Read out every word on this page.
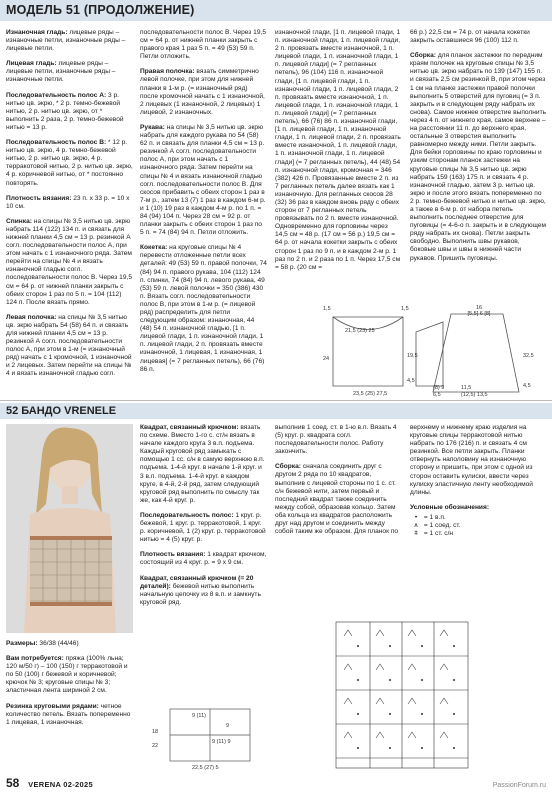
МОДЕЛЬ 51 (ПРОДОЛЖЕНИЕ)

Изнаночная гладь: лицевые ряды – изнаночные петли, изнаночные ряды – лицевые петли.

Лицевая гладь: лицевые ряды – лицевые петли, изнаночные ряды – изнаночные петли.

Последовательность полос А: 3 р. нитью цв. экрю, * 2 р. темно-бежевой нитью, 2 р. нитью цв. экрю, от * выполнить 2 раза, 2 р. темно-бежевой нитью = 13 р.

Последовательность полос В: * 12 р. нитью цв. экрю, 4 р. темно-бежевой нитью, 2 р. нитью цв. экрю, 4 р. терракотовой нитью, 2 р. нитью цв. экрю, 4 р. коричневой нитью, от * постоянно повторять.

Плотность вязания: 23 п. х 33 р. = 10 х 10 см.

Спинка: на спицы № 3,5 нитью цв. экрю набрать 114 (122) 134 п. и связать для нижней планки 4,5 см = 13 р. резинкой А согл. последовательности полос А, при этом начать с 1 изнаночного ряда. Затем перейти на спицы № 4 и вязать изнаночной гладью согл. последовательности полос В. Через 19,5 см = 64 р. от нижней планки закрыть с обеих сторон 1 раз по 5 п. = 104 (112) 124 п. После вязать прямо.

Левая полочка: на спицы № 3,5 нитью цв. экрю набрать 54 (58) 64 п. и связать для нижней планки 4,5 см = 13 р. резинкой А согл. последовательности полос А, при этом в 1-м (= изнаночный ряд) начать с 1 кромочной, 1 изнаночной и 2 лицевых. Затем перейти на спицы № 4 и вязать изнаночной гладью согл.

последовательности полос В. Через 19,5 см = 64 р. от нижней планки закрыть с правого края 1 раз 5 п. = 49 (53) 59 п. Петли отложить.

Правая полочка: вязать симметрично левой полочке, при этом для нижней планки в 1-м р. (= изнаночный ряд) после кромочной начать с 1 изнаночной, 2 лицевых (1 изнаночной, 2 лицевых) 1 лицевой, 2 изнаночных.

Рукава: на спицы № 3,5 нитью цв. экрю набрать для каждого рукава по 54 (58) 62 п. и связать для планки 4,5 см = 13 р. резинкой А согл. последовательности полос А, при этом начать с 1 изнаночного ряда. Затем перейти на спицы № 4 и вязать изнаночной гладью согл. последовательности полос В. Для скосов прибавить с обеих сторон 1 раз в 7-м р., затем 13 (7) 1 раз в каждом 6-м р. и 1 (10) 19 раз в каждом 4-м р. по 1 п. = 84 (94) 104 п. Через 28 см = 92 р. от планки закрыть с обеих сторон 1 раз по 5 п. = 74 (84) 94 п. Петли отложить.

Кокетка: на круговые спицы № 4 перевести отложенные петли всех деталей: 49 (53) 59 п. правой полочки, 74 (84) 94 п. правого рукава, 104 (112) 124 п. спинки, 74 (84) 94 п. левого рукава, 49 (53) 59 п. левой полочки = 350 (386) 430 п. Вязать согл. последовательности полос В, при этом в 1-м р. (= лицевой ряд) распределить для петли следующим образом: изнаночная, 44 (48) 54 п. изнаночной гладью, [1 п. лицевой глади, 1 п. изнаночной глади, 1 п. лицевой глади, 2 п. провязать вместе изнаночной, 1 лицевая, 1 изнаночная, 1 лицевая] (= 7 регланных петель), 66 (76) 86 п.

изнаночной глади, [1 п. лицевой глади, 1 п. изнаночной глади, 1 п. лицевой глади, 2 п. провязать вместе изнаночной, 1 п. лицевой глади, 1 п. изнаночной глади, 1 п. лицевой глади] (= 7 регланных петель), 96 (104) 116 п. изнаночной глади, [1 п. лицевой глади, 1 п. изнаночной глади, 1 п. лицевой глади, 2 п. провязать вместе изнаночной, 1 п. лицевой глади, 1 п. изнаночной глади, 1 п. лицевой глади] (= 7 регланных петель), 66 (76) 86 п. изнаночной глади, [1 п. лицевой глади, 1 п. изнаночной глади, 1 п. лицевой глади, 2 п. провязать вместе изнаночной, 1 п. лицевой глади, 1 п. изнаночной глади, 1 п. лицевой глади] (= 7 регланных петель), 44 (48) 54 п. изнаночной глади, кромочная = 346 (382) 426 п. Провязанные вместе 2 п. из 7 регланных петель далее вязать как 1 изнаночную. Для регланных скосов 28 (32) 36 раз в каждом вновь ряду с обеих сторон от 7 регланных петель провязывать по 2 п. вместе изнаночной. Одновременно для горловины через 14,5 см = 48 р. (17 см = 56 р.) 19,5 см = 64 р. от начала кокетки закрыть с обеих сторон 1 раз по 9 п. и в каждом 2-м р. 1 раз по 2 п. и 2 раза по 1 п. Через 17,5 см = 58 р. (20 см =

66 р.) 22,5 см = 74 р. от начала кокетки закрыть оставшиеся 96 (100) 112 п.

Сборка: для планок застежки по передним краям полочек на круговые спицы № 3,5 нитью цв. экрю набрать по 139 (147) 155 п. и связать 2,5 см резинкой В, при этом через 1 см на планке застежки правой полочки выполнить 5 отверстий для пуговиц (= 3 п. закрыть и в следующем ряду набрать их снова). Самое нижнее отверстие выполнить через 4 п. от нижнего края, самое верхнее – на расстоянии 11 п. до верхнего края, остальные 3 отверстия выполнить равномерно между ними. Петли закрыть. Для бейки горловины по краю горловины и узким сторонам планок застежки на круговые спицы № 3,5 нитью цв. экрю набрать 159 (163) 175 п. и связать 4 р. изнаночной гладью, затем 3 р. нитью цв. экрю и после этого вязать попеременно по 2 р. темно-бежевой нитью и нитью цв. экрю, а также в 6-м р. от набора петель выполнить последнее отверстие для пуговицы (= 4-6-о п. закрыть и в следующем ряду набрать их снова). Петли закрыть свободно. Выполнить швы рукавов, боковые швы и швы в нижней части рукавов. Пришить пуговицы.

16
[5,5] 6 [8]
1,5
21,5 (23) 25
1,5
24	19,5
4,5
23,5 (25) 27,5	6,5
(8) 9	11,5
(12,5) 13,5
32,5
4,5
52 БАНДО VRENELE

Размеры: 36/38 (44/46)

Вам потребуется: пряжа (100% льна; 120 м/50 г) – 100 (150) г терракотовой и по 50 (100) г бежевой и коричневой; крючок № 3; круговые спицы № 3; эластичная лента шириной 2 см.

Резинка круговыми рядами: четное количество петель. Вязать попеременно 1 лицевая, 1 изнаночная.

Квадрат, связанный крючком: вязать по схеме. Вместо 1-го с. ст/н вязать в начале каждого круга 3 в.п. подъема. Каждый круговой ряд замыкать с помощью 1 сс. с/н в самую верхнюю в.п. подъема. 1-4-й круг. в начале 1-й круг. и 3 в.п. подъема. 1-4-й круг. в каждом круге, в 4-й, 2-й ряд, затем следующий круговой ряд выполнить по смыслу так же, как 4-й круг. р.

Последовательность полос: 1 круг. р. бежевой, 1 круг. р. терракотовой, 1 круг. р. коричневой, 1 (2) круг. р. терракотовой нитью = 4 (5) круг. р.

Плотность вязания: 1 квадрат крючком, состоящий из 4 круг. р. = 9 х 9 см.

Квадрат, связанный крючком (= 20 деталей): бежевой нитью выполнить начальную цепочку из 8 в.п. и замкнуть круговой ряд.

9 (11)
9
9 (11) 9
18
22
22,5 (27) 5

выполнив 1 соед. ст. в 1-ю в.п. Вязать 4 (5) круг. р. квадрата согл. последовательности полос. Работу закончить.

Сборка: сначала соединить друг с другом 2 ряда по 10 квадратов, выполнив с лицевой стороны по 1 с. ст. с/н бежевой нити, затем первый и последний квадрат также соединить между собой, образовав кольцо. Затем оба кольца из квадратов расположить друг над другом и соединить между собой таким же образом. Для планок по

верхнему и нижнему краю изделия на круговые спицы терракотовой нитью набрать по 176 (216) п. и связать 4 см резинкой. Все петли закрыть. Планки отвернуть наполовину на изнаночную сторону и пришить, при этом с одной из сторон оставить кулиски, ввести через кулиску эластичную ленту необходимой длины.

Условные обозначения:

• = 1 в.п.
∧ = 1 соед. ст.
ǂ = 1 ст. с/н
58 VERENA 02-2025	PassionForum.ru
